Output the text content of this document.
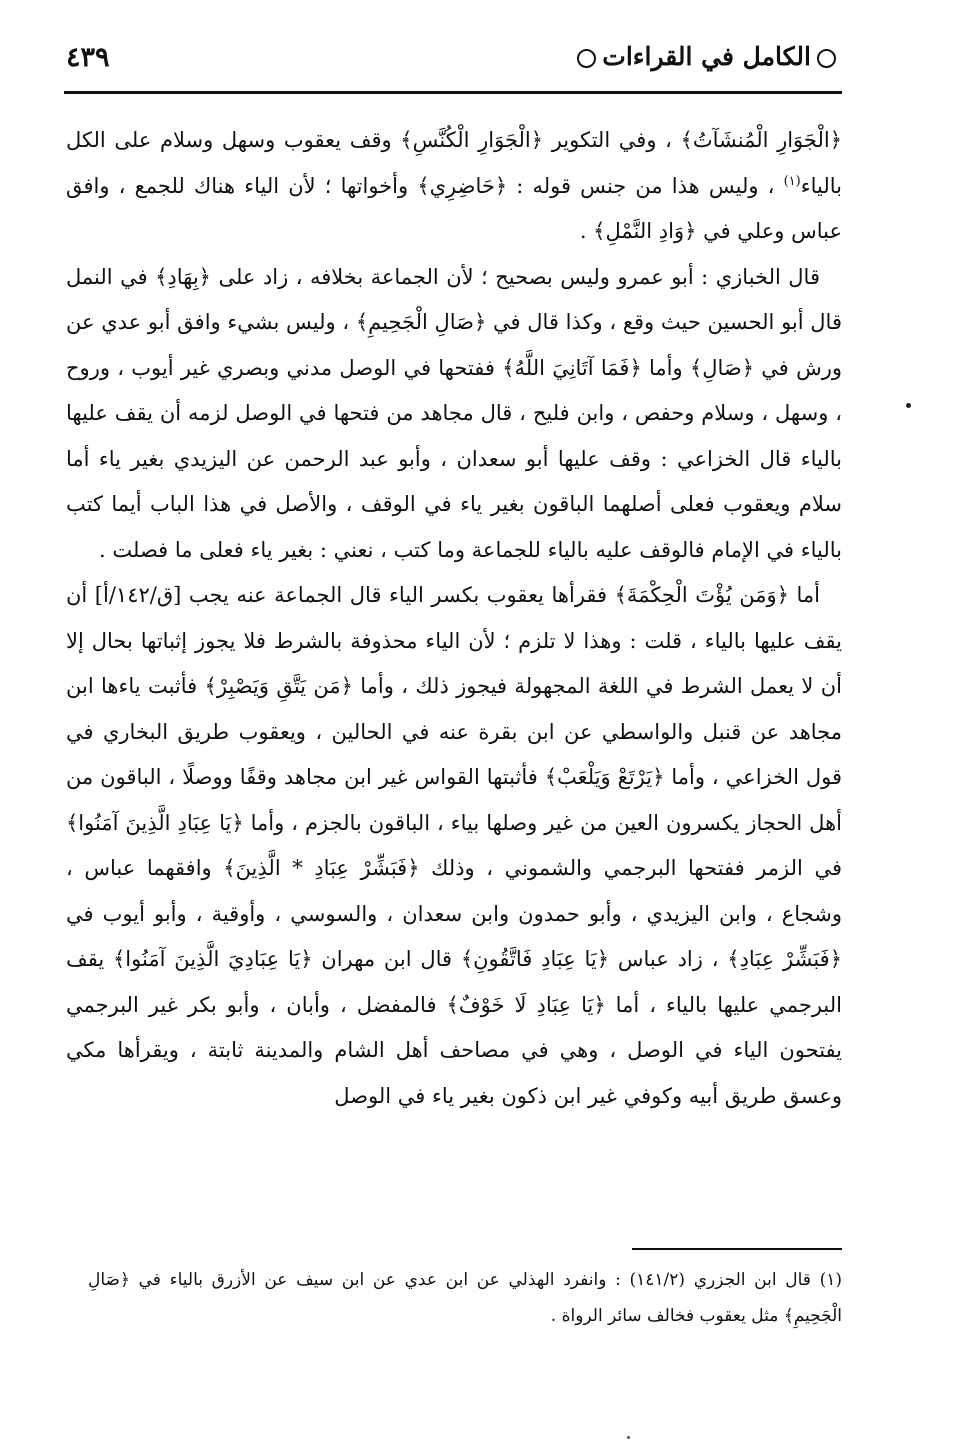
الكامل في القراءات
٤٣٩

﴿الْجَوَارِ الْمُنشَآتُ﴾ ، وفي التكوير ﴿الْجَوَارِ الْكُنَّسِ﴾ وقف يعقوب وسهل وسلام على الكل بالياء$^{(١)}$ ، وليس هذا من جنس قوله : ﴿حَاضِرِي﴾ وأخواتها ؛ لأن الياء هناك للجمع ، وافق عباس وعلي في ﴿وَادِ النَّمْلِ﴾ .

قال الخبازي : أبو عمرو وليس بصحيح ؛ لأن الجماعة بخلافه ، زاد على ﴿بِهَادِ﴾ في النمل قال أبو الحسين حيث وقع ، وكذا قال في ﴿صَالِ الْجَحِيمِ﴾ ، وليس بشيء وافق أبو عدي عن ورش في ﴿صَالِ﴾ وأما ﴿فَمَا آتَانِيَ اللَّهُ﴾ ففتحها في الوصل مدني وبصري غير أيوب ، وروح ، وسهل ، وسلام وحفص ، وابن فليح ، قال مجاهد من فتحها في الوصل لزمه أن يقف عليها بالياء قال الخزاعي : وقف عليها أبو سعدان ، وأبو عبد الرحمن عن اليزيدي بغير ياء أما سلام ويعقوب فعلى أصلهما الباقون بغير ياء في الوقف ، والأصل في هذا الباب أيما كتب بالياء في الإمام فالوقف عليه بالياء للجماعة وما كتب ، نعني : بغير ياء فعلى ما فصلت .

أما ﴿وَمَن يُؤْتَ الْحِكْمَةَ﴾ فقرأها يعقوب بكسر الياء قال الجماعة عنه يجب [ق/١٤٢/أ] أن يقف عليها بالياء ، قلت : وهذا لا تلزم ؛ لأن الياء محذوفة بالشرط فلا يجوز إثباتها بحال إلا أن لا يعمل الشرط في اللغة المجهولة فيجوز ذلك ، وأما ﴿مَن يَتَّقِ وَيَصْبِرْ﴾ فأثبت ياءها ابن مجاهد عن قنبل والواسطي عن ابن بقرة عنه في الحالين ، ويعقوب طريق البخاري في قول الخزاعي ، وأما ﴿يَرْتَعْ وَيَلْعَبْ﴾ فأثبتها القواس غير ابن مجاهد وقفًا ووصلًا ، الباقون من أهل الحجاز يكسرون العين من غير وصلها بياء ، الباقون بالجزم ، وأما ﴿يَا عِبَادِ الَّذِينَ آمَنُوا﴾ في الزمر ففتحها البرجمي والشموني ، وذلك ﴿فَبَشِّرْ عِبَادِ * الَّذِينَ﴾ وافقهما عباس ، وشجاع ، وابن اليزيدي ، وأبو حمدون وابن سعدان ، والسوسي ، وأوقية ، وأبو أيوب في ﴿فَبَشِّرْ عِبَادِ﴾ ، زاد عباس ﴿يَا عِبَادِ فَاتَّقُونِ﴾ قال ابن مهران ﴿يَا عِبَادِيَ الَّذِينَ آمَنُوا﴾ يقف البرجمي عليها بالياء ، أما ﴿يَا عِبَادِ لَا خَوْفٌ﴾ فالمفضل ، وأبان ، وأبو بكر غير البرجمي يفتحون الياء في الوصل ، وهي في مصاحف أهل الشام والمدينة ثابتة ، ويقرأها مكي وعسق طريق أبيه وكوفي غير ابن ذكون بغير ياء في الوصل

(١) قال ابن الجزري (١٤١/٢) : وانفرد الهذلي عن ابن عدي عن ابن سيف عن الأزرق بالياء في ﴿صَالِ الْجَحِيمِ﴾ مثل يعقوب فخالف سائر الرواة .
